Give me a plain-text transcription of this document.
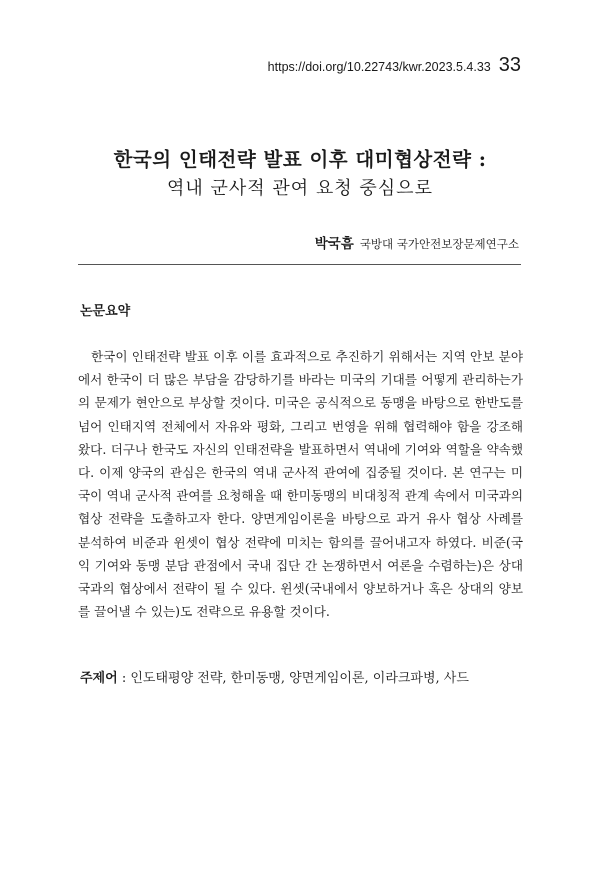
https://doi.org/10.22743/kwr.2023.5.4.33 33
한국의 인태전략 발표 이후 대미협상전략 :
역내 군사적 관여 요청 중심으로
박국흠 국방대 국가안전보장문제연구소
논문요약

한국이 인태전략 발표 이후 이를 효과적으로 추진하기 위해서는 지역 안보 분야에서 한국이 더 많은 부담을 감당하기를 바라는 미국의 기대를 어떻게 관리하는가의 문제가 현안으로 부상할 것이다. 미국은 공식적으로 동맹을 바탕으로 한반도를 넘어 인태지역 전체에서 자유와 평화, 그리고 번영을 위해 협력해야 함을 강조해왔다. 더구나 한국도 자신의 인태전략을 발표하면서 역내에 기여와 역할을 약속했다. 이제 양국의 관심은 한국의 역내 군사적 관여에 집중될 것이다. 본 연구는 미국이 역내 군사적 관여를 요청해올 때 한미동맹의 비대칭적 관계 속에서 미국과의 협상 전략을 도출하고자 한다. 양면게임이론을 바탕으로 과거 유사 협상 사례를 분석하여 비준과 윈셋이 협상 전략에 미치는 함의를 끌어내고자 하였다. 비준(국익 기여와 동맹 분담 관점에서 국내 집단 간 논쟁하면서 여론을 수렴하는)은 상대국과의 협상에서 전략이 될 수 있다. 윈셋(국내에서 양보하거나 혹은 상대의 양보를 끌어낼 수 있는)도 전략으로 유용할 것이다.

주제어 : 인도태평양 전략, 한미동맹, 양면게임이론, 이라크파병, 사드
